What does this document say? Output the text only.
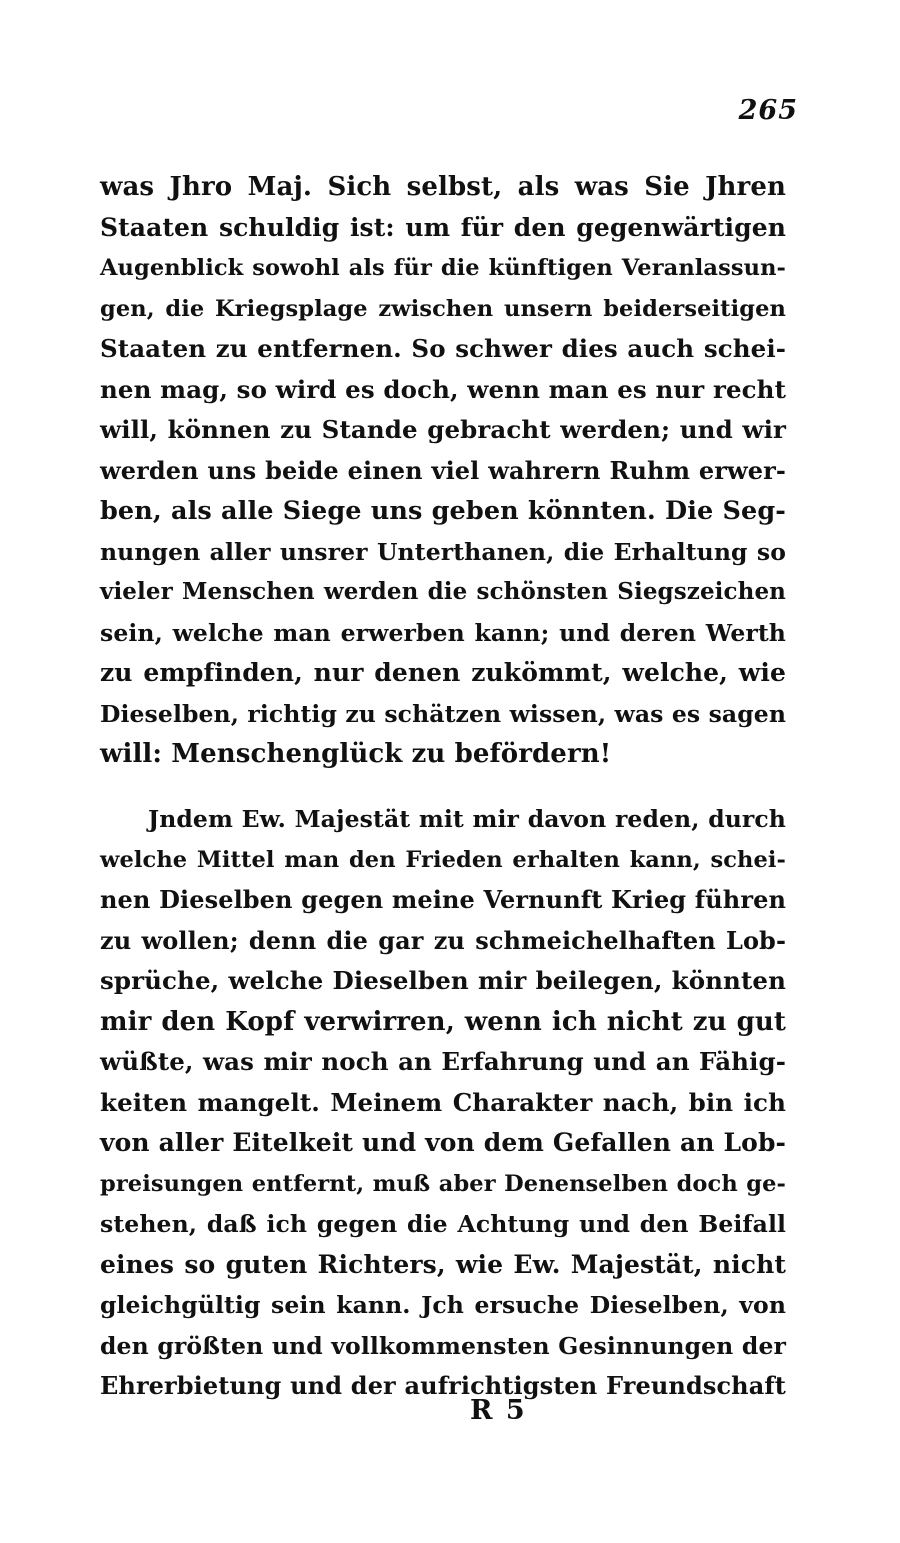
265
was Jhro Maj. Sich selbst, als was Sie Jhren
Staaten schuldig ist: um für den gegenwärtigen
Augenblick sowohl als für die künftigen Veranlassun-
gen, die Kriegsplage zwischen unsern beiderseitigen
Staaten zu entfernen. So schwer dies auch schei-
nen mag, so wird es doch, wenn man es nur recht
will, können zu Stande gebracht werden; und wir
werden uns beide einen viel wahrern Ruhm erwer-
ben, als alle Siege uns geben könnten. Die Seg-
nungen aller unsrer Unterthanen, die Erhaltung so
vieler Menschen werden die schönsten Siegszeichen
sein, welche man erwerben kann; und deren Werth
zu empfinden, nur denen zukömmt, welche, wie
Dieselben, richtig zu schätzen wissen, was es sagen
will: Menschenglück zu befördern!
Jndem Ew. Majestät mit mir davon reden, durch
welche Mittel man den Frieden erhalten kann, schei-
nen Dieselben gegen meine Vernunft Krieg führen
zu wollen; denn die gar zu schmeichelhaften Lob-
sprüche, welche Dieselben mir beilegen, könnten
mir den Kopf verwirren, wenn ich nicht zu gut
wüßte, was mir noch an Erfahrung und an Fähig-
keiten mangelt. Meinem Charakter nach, bin ich
von aller Eitelkeit und von dem Gefallen an Lob-
preisungen entfernt, muß aber Denenselben doch ge-
stehen, daß ich gegen die Achtung und den Beifall
eines so guten Richters, wie Ew. Majestät, nicht
gleichgültig sein kann. Jch ersuche Dieselben, von
den größten und vollkommensten Gesinnungen der
Ehrerbietung und der aufrichtigsten Freundschaft
R 5
